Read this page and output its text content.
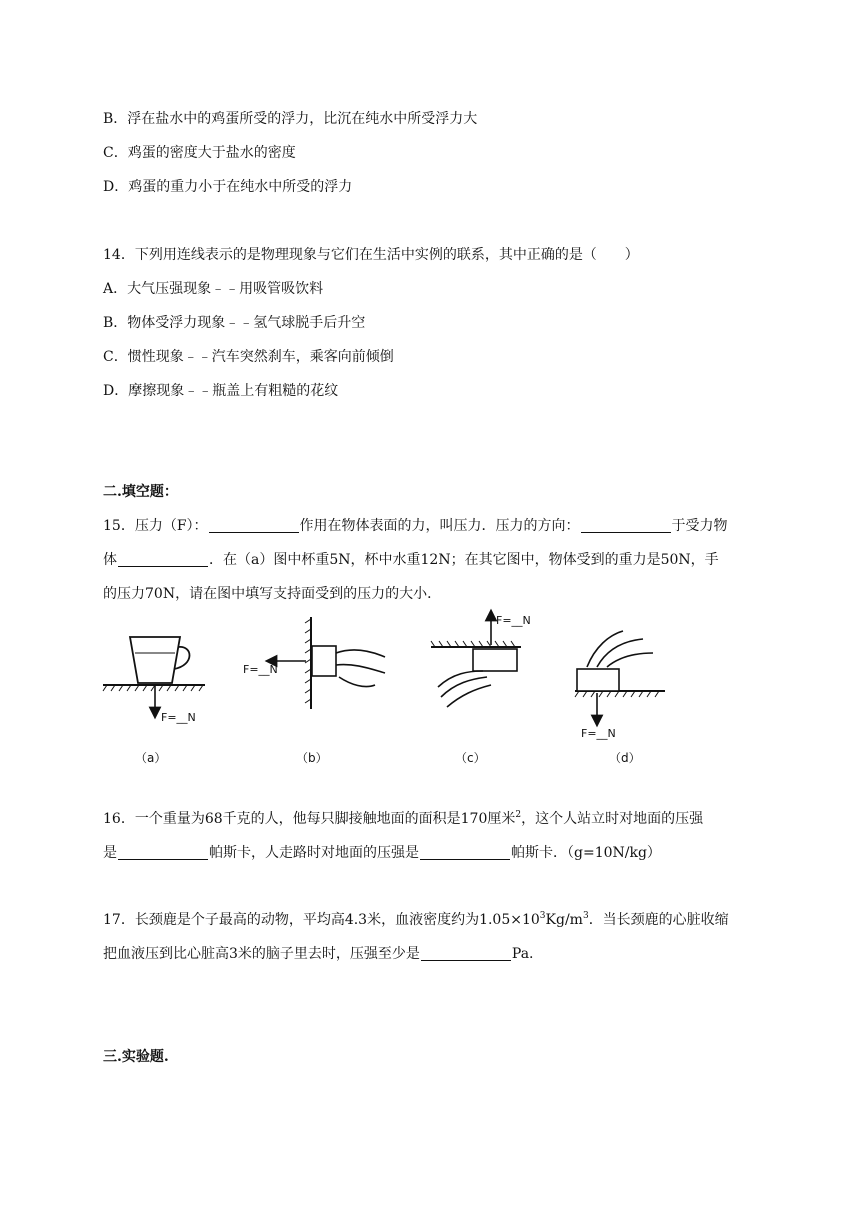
B．浮在盐水中的鸡蛋所受的浮力，比沉在纯水中所受浮力大
C．鸡蛋的密度大于盐水的密度
D．鸡蛋的重力小于在纯水中所受的浮力
14．下列用连线表示的是物理现象与它们在生活中实例的联系，其中正确的是（　　）
A．大气压强现象﹣﹣用吸管吸饮料
B．物体受浮力现象﹣﹣氢气球脱手后升空
C．惯性现象﹣﹣汽车突然刹车，乘客向前倾倒
D．摩擦现象﹣﹣瓶盖上有粗糙的花纹
二.填空题：
15．压力（F）：	作用在物体表面的力，叫压力．压力的方向：	于受力物
体	．在（a）图中杯重5N，杯中水重12N；在其它图中，物体受到的重力是50N，手
的压力70N，请在图中填写支持面受到的压力的大小．
F=__N
（a）
F=__N
（b）
F=__N
（c）
F=__N
（d）
16．一个重量为68千克的人，他每只脚接触地面的面积是170厘米$^2$，这个人站立时对地面的压强
是	帕斯卡，人走路时对地面的压强是	帕斯卡．（g=10N/kg）
17．长颈鹿是个子最高的动物，平均高4.3米，血液密度约为$1.05\times 10^3Kg/m^3$．当长颈鹿的心脏收缩
把血液压到比心脏高3米的脑子里去时，压强至少是	Pa.
三.实验题.
